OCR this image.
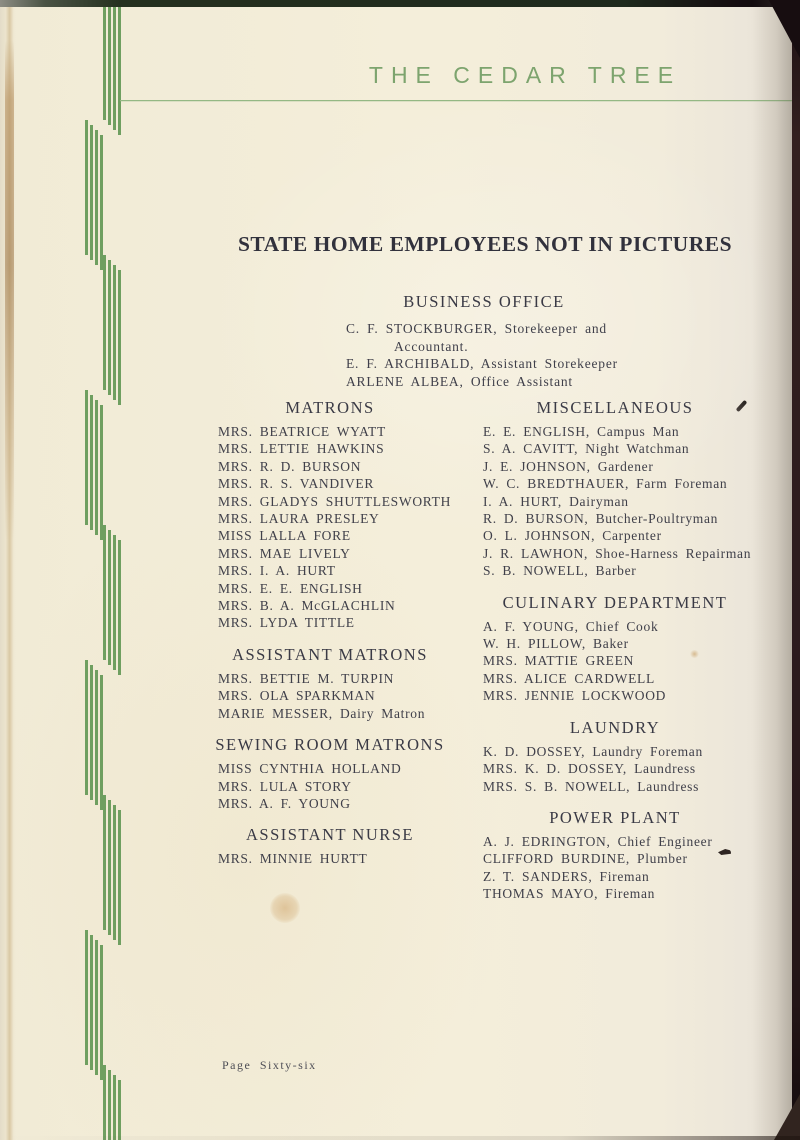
THE CEDAR TREE
STATE HOME EMPLOYEES NOT IN PICTURES
BUSINESS OFFICE
C. F. STOCKBURGER, Storekeeper and
Accountant.
E. F. ARCHIBALD, Assistant Storekeeper
ARLENE ALBEA, Office Assistant
MATRONS
MRS. BEATRICE WYATT
MRS. LETTIE HAWKINS
MRS. R. D. BURSON
MRS. R. S. VANDIVER
MRS. GLADYS SHUTTLESWORTH
MRS. LAURA PRESLEY
MISS LALLA FORE
MRS. MAE LIVELY
MRS. I. A. HURT
MRS. E. E. ENGLISH
MRS. B. A. McGLACHLIN
MRS. LYDA TITTLE
ASSISTANT MATRONS
MRS. BETTIE M. TURPIN
MRS. OLA SPARKMAN
MARIE MESSER, Dairy Matron
SEWING ROOM MATRONS
MISS CYNTHIA HOLLAND
MRS. LULA STORY
MRS. A. F. YOUNG
ASSISTANT NURSE
MRS. MINNIE HURTT
MISCELLANEOUS
E. E. ENGLISH, Campus Man
S. A. CAVITT, Night Watchman
J. E. JOHNSON, Gardener
W. C. BREDTHAUER, Farm Foreman
I. A. HURT, Dairyman
R. D. BURSON, Butcher-Poultryman
O. L. JOHNSON, Carpenter
J. R. LAWHON, Shoe-Harness Repairman
S. B. NOWELL, Barber
CULINARY DEPARTMENT
A. F. YOUNG, Chief Cook
W. H. PILLOW, Baker
MRS. MATTIE GREEN
MRS. ALICE CARDWELL
MRS. JENNIE LOCKWOOD
LAUNDRY
K. D. DOSSEY, Laundry Foreman
MRS. K. D. DOSSEY, Laundress
MRS. S. B. NOWELL, Laundress
POWER PLANT
A. J. EDRINGTON, Chief Engineer
CLIFFORD BURDINE, Plumber
Z. T. SANDERS, Fireman
THOMAS MAYO, Fireman
Page Sixty-six
